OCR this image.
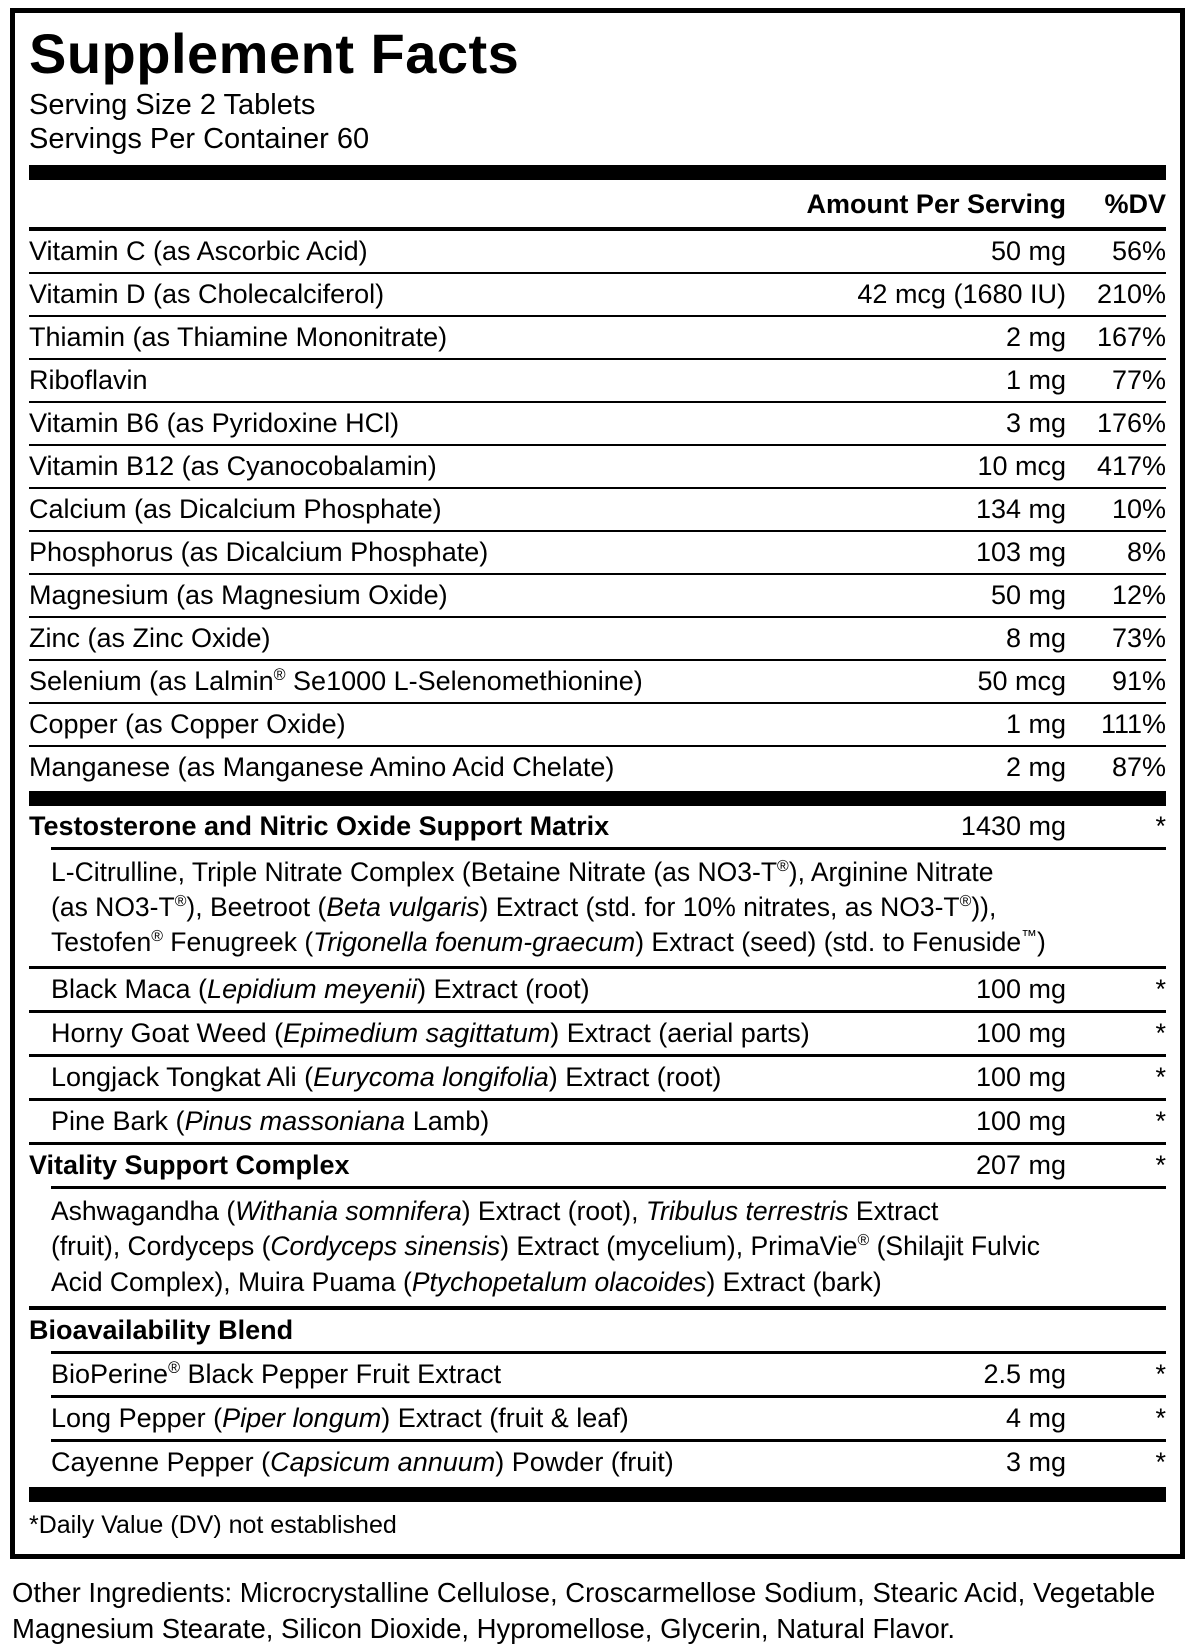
Supplement Facts
Serving Size 2 Tablets
Servings Per Container 60
Amount Per Serving	%DV
Vitamin C (as Ascorbic Acid)	50 mg	56%
Vitamin D (as Cholecalciferol)	42 mcg (1680 IU)	210%
Thiamin (as Thiamine Mononitrate)	2 mg	167%
Riboflavin	1 mg	77%
Vitamin B6 (as Pyridoxine HCl)	3 mg	176%
Vitamin B12 (as Cyanocobalamin)	10 mcg	417%
Calcium (as Dicalcium Phosphate)	134 mg	10%
Phosphorus (as Dicalcium Phosphate)	103 mg	8%
Magnesium (as Magnesium Oxide)	50 mg	12%
Zinc (as Zinc Oxide)	8 mg	73%
Selenium (as Lalmin® Se1000 L-Selenomethionine)	50 mcg	91%
Copper (as Copper Oxide)	1 mg	111%
Manganese (as Manganese Amino Acid Chelate)	2 mg	87%
Testosterone and Nitric Oxide Support Matrix	1430 mg	*
L-Citrulline, Triple Nitrate Complex (Betaine Nitrate (as NO3-T®), Arginine Nitrate
(as NO3-T®), Beetroot (Beta vulgaris) Extract (std. for 10% nitrates, as NO3-T®)),
Testofen® Fenugreek (Trigonella foenum-graecum) Extract (seed) (std. to Fenuside™)
Black Maca (Lepidium meyenii) Extract (root)	100 mg	*
Horny Goat Weed (Epimedium sagittatum) Extract (aerial parts)	100 mg	*
Longjack Tongkat Ali (Eurycoma longifolia) Extract (root)	100 mg	*
Pine Bark (Pinus massoniana Lamb)	100 mg	*
Vitality Support Complex	207 mg	*
Ashwagandha (Withania somnifera) Extract (root), Tribulus terrestris Extract
(fruit), Cordyceps (Cordyceps sinensis) Extract (mycelium), PrimaVie® (Shilajit Fulvic
Acid Complex), Muira Puama (Ptychopetalum olacoides) Extract (bark)
Bioavailability Blend
BioPerine® Black Pepper Fruit Extract	2.5 mg	*
Long Pepper (Piper longum) Extract (fruit & leaf)	4 mg	*
Cayenne Pepper (Capsicum annuum) Powder (fruit)	3 mg	*
*Daily Value (DV) not established
Other Ingredients: Microcrystalline Cellulose, Croscarmellose Sodium, Stearic Acid, Vegetable
Magnesium Stearate, Silicon Dioxide, Hypromellose, Glycerin, Natural Flavor.
